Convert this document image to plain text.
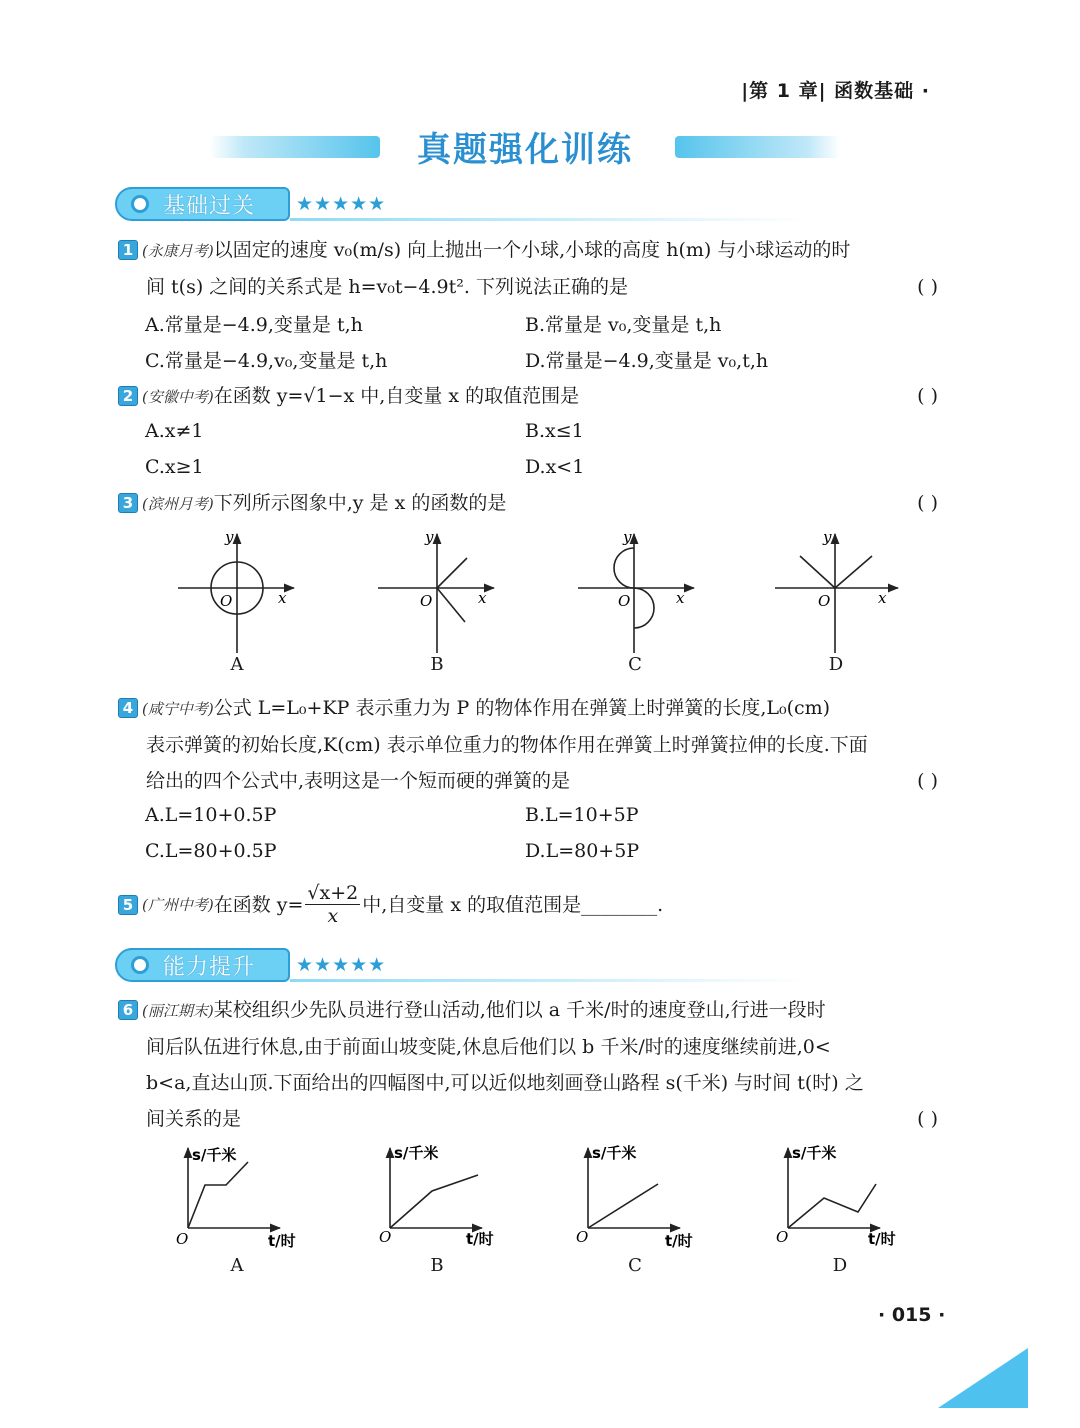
|第 1 章| 函数基础 ·
真题强化训练
基础过关 ★★★★★
1 (永康月考)以固定的速度 v₀(m/s) 向上抛出一个小球,小球的高度 h(m) 与小球运动的时
间 t(s) 之间的关系式是 h=v₀t−4.9t². 下列说法正确的是	( )
A.常量是−4.9,变量是 t,h	B.常量是 v₀,变量是 t,h
C.常量是−4.9,v₀,变量是 t,h	D.常量是−4.9,变量是 v₀,t,h
2 (安徽中考)在函数 y=√1−x 中,自变量 x 的取值范围是	( )
A.x≠1	B.x≤1
C.x≥1	D.x<1
3 (滨州月考)下列所示图象中,y 是 x 的函数的是	( )
O	x
y
O	x
y
O	x
y
O	x
y
A	B	C	D
4 (咸宁中考)公式 L=L₀+KP 表示重力为 P 的物体作用在弹簧上时弹簧的长度,L₀(cm)
表示弹簧的初始长度,K(cm) 表示单位重力的物体作用在弹簧上时弹簧拉伸的长度.下面
给出的四个公式中,表明这是一个短而硬的弹簧的是	( )
A.L=10+0.5P	B.L=10+5P
C.L=80+0.5P	D.L=80+5P
5 (广州中考) 在函数 $y= \frac{√x+2}{x}$ 中,自变量 x 的取值范围是________.
能力提升 ★★★★★
6 (丽江期末)某校组织少先队员进行登山活动,他们以 a 千米/时的速度登山,行进一段时
间后队伍进行休息,由于前面山坡变陡,休息后他们以 b 千米/时的速度继续前进,0<
b<a,直达山顶.下面给出的四幅图中,可以近似地刻画登山路程 s(千米) 与时间 t(时) 之
间关系的是	( )
O
s/千米
t/时	O
s/千米
t/时	O
s/千米
t/时	O
s/千米
t/时
A	B	C	D
· 015 ·
